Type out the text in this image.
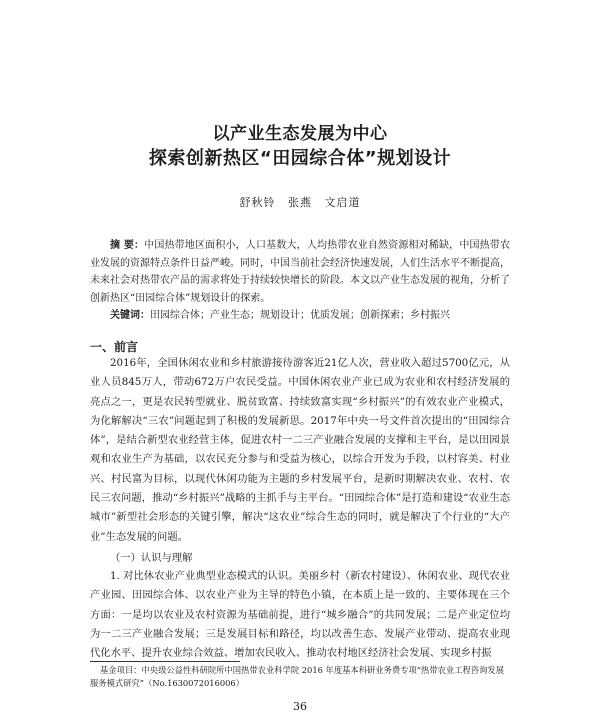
以产业生态发展为中心
探索创新热区“田园综合体”规划设计
舒秋铃 张燕 文启道

摘 要：中国热带地区面积小，人口基数大，人均热带农业自然资源相对稀缺，中国热带农业发展的资源特点条件日益严峻。同时，中国当前社会经济快速发展，人们生活水平不断提高，未来社会对热带农产品的需求将处于持续较快增长的阶段。本文以产业生态发展的视角，分析了创新热区“田园综合体”规划设计的探索。

关键词：田园综合体；产业生态；规划设计；优质发展；创新探索；乡村振兴

一、前言

2016年，全国休闲农业和乡村旅游接待游客近21亿人次，营业收入超过5700亿元，从业人员845万人，带动672万户农民受益。中国休闲农业产业已成为农业和农村经济发展的亮点之一，更是农民转型就业、脱贫致富、持续致富实现“乡村振兴”的有效农业产业模式，为化解解决“三农”问题起到了积极的发展新思。2017年中央一号文件首次提出的“田园综合体”，是结合新型农业经营主体，促进农村一二三产业融合发展的支撑和主平台，是以田园景观和农业生产为基础，以农民充分参与和受益为核心，以综合开发为手段，以村容美、村业兴、村民富为目标，以现代休闲功能为主题的乡村发展平台，是新时期解决农业、农村、农民三农问题，推动“乡村振兴”战略的主抓手与主平台。“田园综合体”是打造和建设“农业生态城市”新型社会形态的关键引擎，解决“这农业”综合生态的同时，就是解决了个行业的“大产业”生态发展的问题。

（一）认识与理解

1. 对比休农业产业典型业态模式的认识。美丽乡村（新农村建设）、休闲农业、现代农业产业园、田园综合体、以农业产业为主导的特色小镇，在本质上是一致的、主要体现在三个方面：一是均以农业及农村资源为基础前提，进行“城乡融合”的共同发展；二是产业定位均为一二三产业融合发展；三是发展目标和路径，均以改善生态、发展产业带动、提高农业现代化水平、提升农业综合效益、增加农民收入、推动农村地区经济社会发展、实现乡村振

基金项目：中央级公益性科研院所中国热带农业科学院 2016 年度基本科研业务费专项“热带农业工程咨询发展服务模式研究”（No.1630072016006）
36
